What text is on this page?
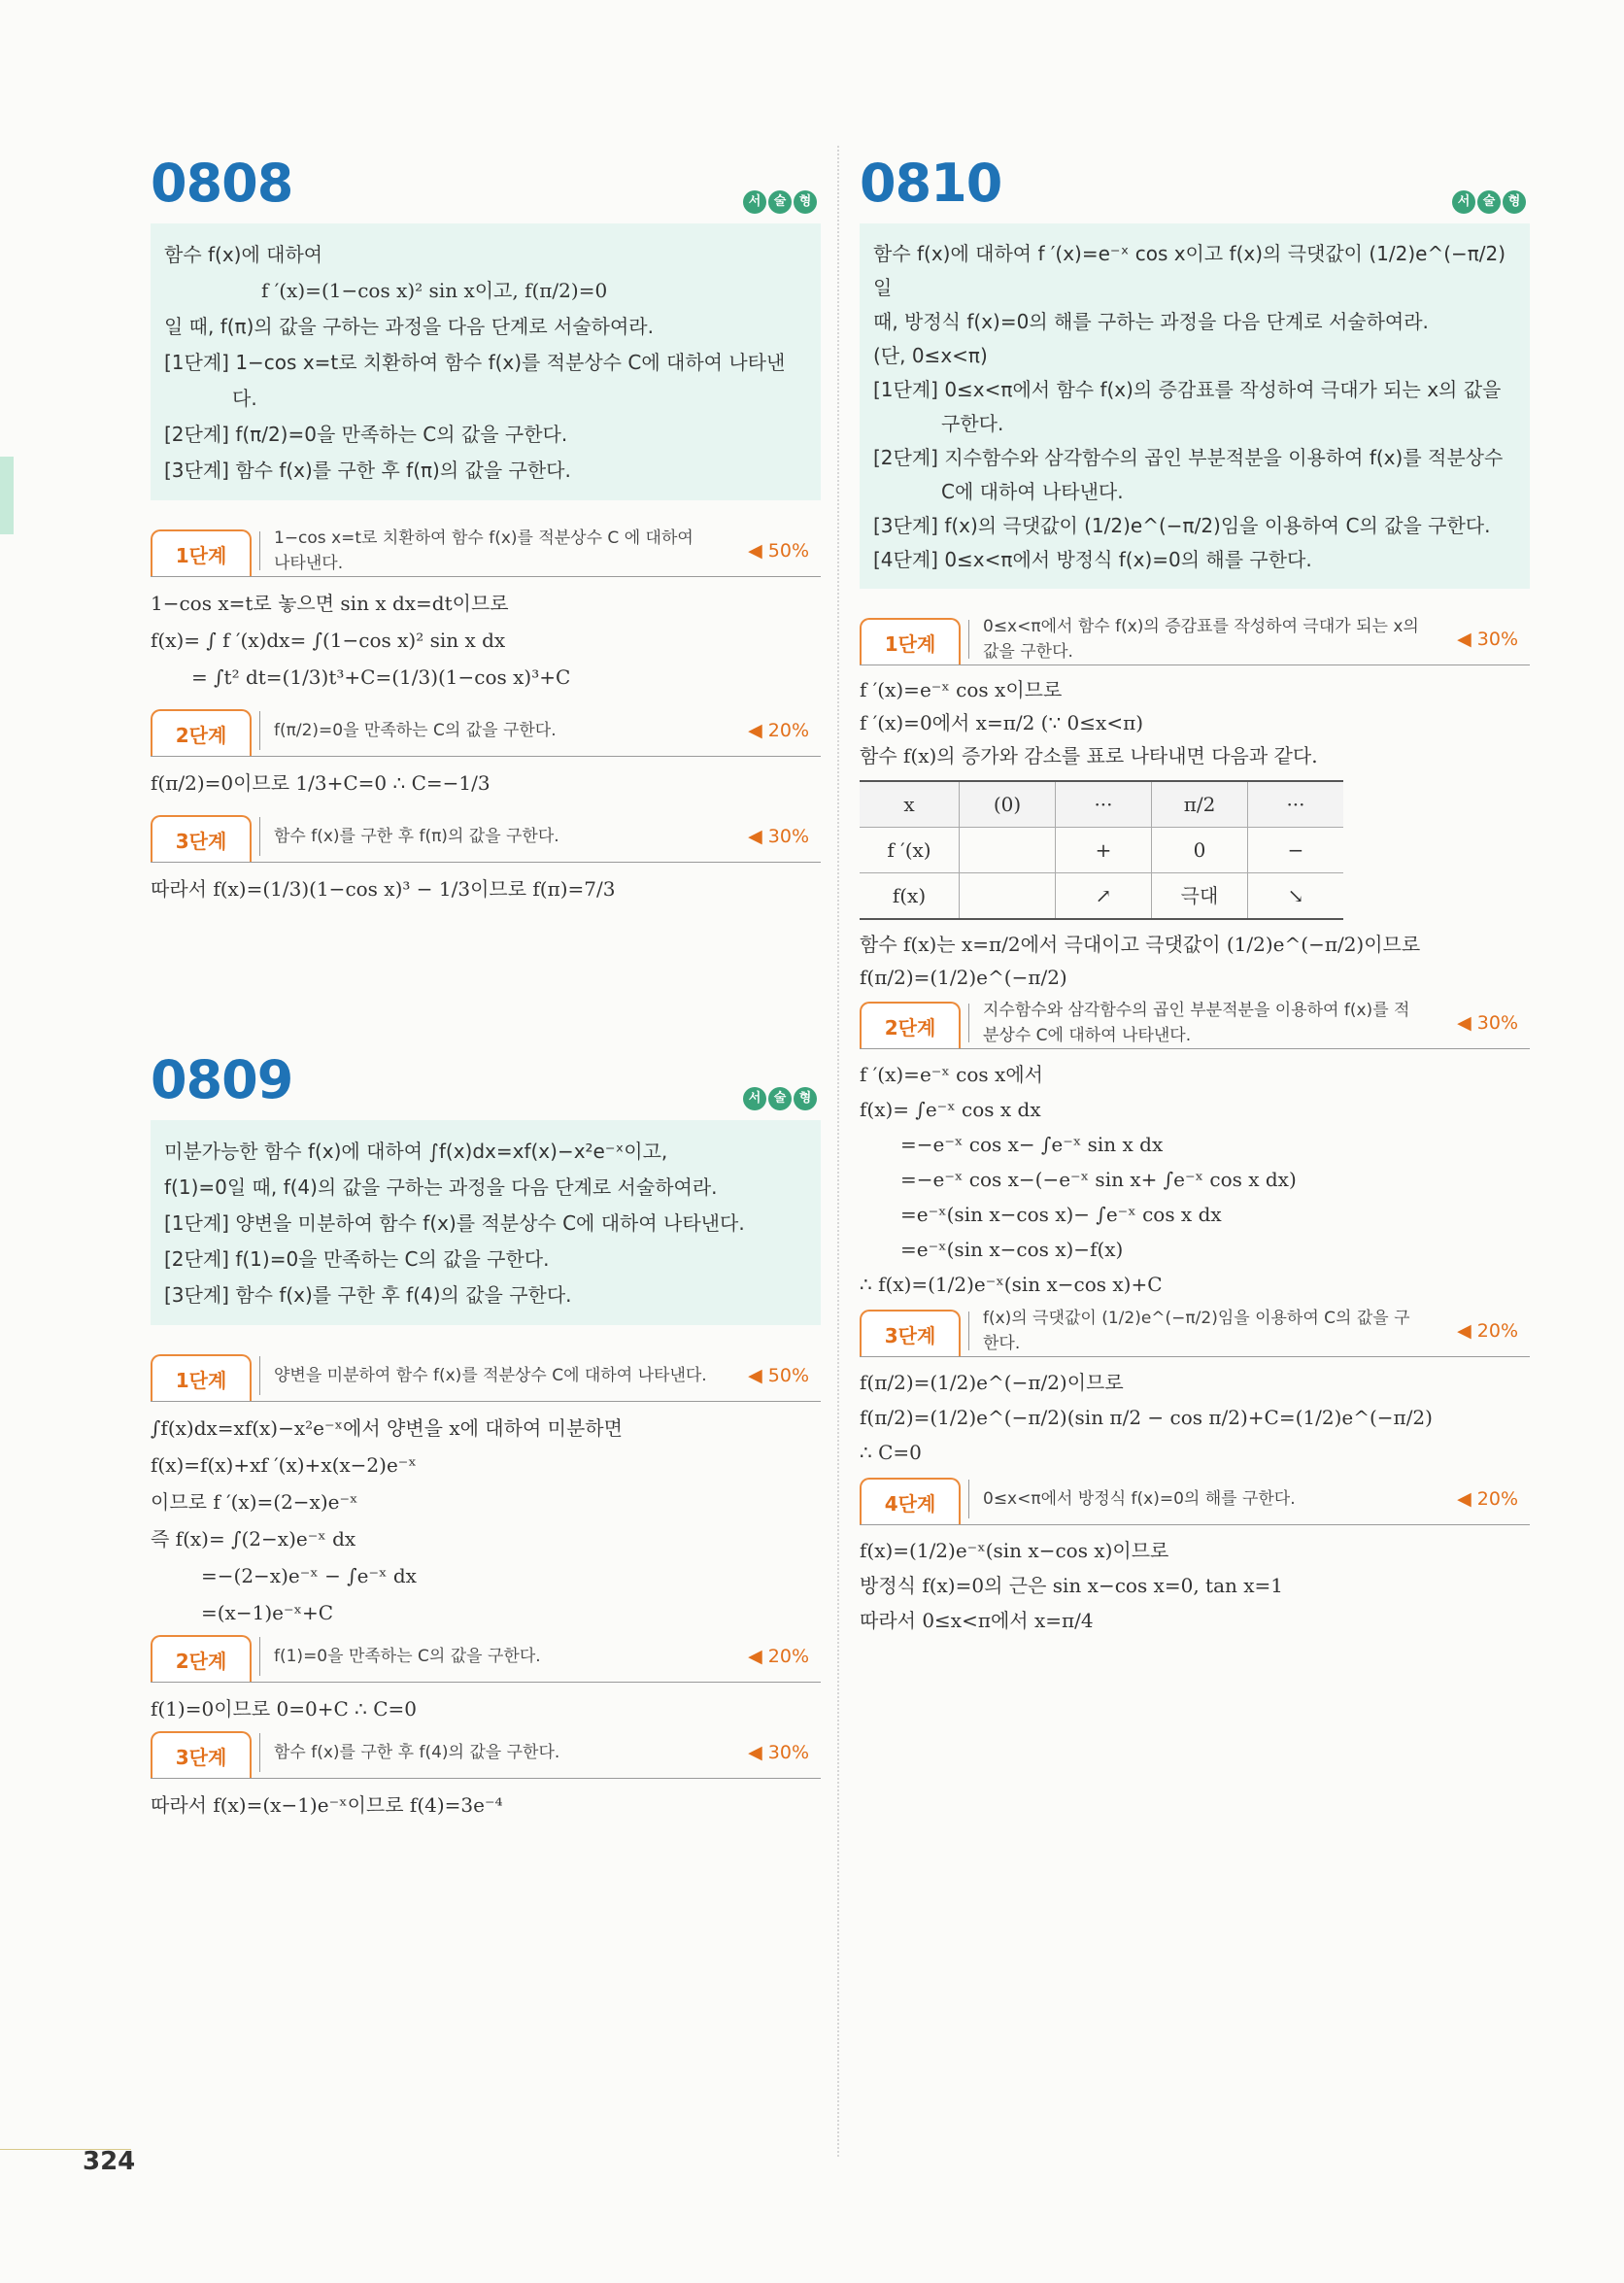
0808	서	술	형

함수 f(x)에 대하여

f ′(x)=(1−cos x)² sin x이고, f(π/2)=0

일 때, f(π)의 값을 구하는 과정을 다음 단계로 서술하여라.

[1단계] 1−cos x=t로 치환하여 함수 f(x)를 적분상수 C에 대하여 나타낸다.

[2단계] f(π/2)=0을 만족하는 C의 값을 구한다.

[3단계] 함수 f(x)를 구한 후 f(π)의 값을 구한다.

1단계
1−cos x=t로 치환하여 함수 f(x)를 적분상수 C 에 대하여 나타낸다.
◀ 50%

1−cos x=t로 놓으면 sin x dx=dt이므로

f(x)= ∫ f ′(x)dx= ∫(1−cos x)² sin x dx

= ∫t² dt=(1/3)t³+C=(1/3)(1−cos x)³+C

2단계	f(π/2)=0을 만족하는 C의 값을 구한다.	◀ 20%

f(π/2)=0이므로 1/3+C=0 ∴ C=−1/3

3단계	함수 f(x)를 구한 후 f(π)의 값을 구한다.	◀ 30%

따라서 f(x)=(1/3)(1−cos x)³ − 1/3이므로 f(π)=7/3

0809	서	술	형

미분가능한 함수 f(x)에 대하여 ∫f(x)dx=xf(x)−x²e⁻ˣ이고,

f(1)=0일 때, f(4)의 값을 구하는 과정을 다음 단계로 서술하여라.

[1단계] 양변을 미분하여 함수 f(x)를 적분상수 C에 대하여 나타낸다.

[2단계] f(1)=0을 만족하는 C의 값을 구한다.

[3단계] 함수 f(x)를 구한 후 f(4)의 값을 구한다.

1단계	양변을 미분하여 함수 f(x)를 적분상수 C에 대하여 나타낸다.	◀ 50%

∫f(x)dx=xf(x)−x²e⁻ˣ에서 양변을 x에 대하여 미분하면

f(x)=f(x)+xf ′(x)+x(x−2)e⁻ˣ

이므로 f ′(x)=(2−x)e⁻ˣ

즉 f(x)= ∫(2−x)e⁻ˣ dx

=−(2−x)e⁻ˣ − ∫e⁻ˣ dx

=(x−1)e⁻ˣ+C

2단계	f(1)=0을 만족하는 C의 값을 구한다.	◀ 20%

f(1)=0이므로 0=0+C ∴ C=0

3단계	함수 f(x)를 구한 후 f(4)의 값을 구한다.	◀ 30%

따라서 f(x)=(x−1)e⁻ˣ이므로 f(4)=3e⁻⁴

0810	서	술	형

함수 f(x)에 대하여 f ′(x)=e⁻ˣ cos x이고 f(x)의 극댓값이 (1/2)e^(−π/2)일

때, 방정식 f(x)=0의 해를 구하는 과정을 다음 단계로 서술하여라.

(단, 0≤x<π)

[1단계] 0≤x<π에서 함수 f(x)의 증감표를 작성하여 극대가 되는 x의 값을 구한다.

[2단계] 지수함수와 삼각함수의 곱인 부분적분을 이용하여 f(x)를 적분상수 C에 대하여 나타낸다.

[3단계] f(x)의 극댓값이 (1/2)e^(−π/2)임을 이용하여 C의 값을 구한다.

[4단계] 0≤x<π에서 방정식 f(x)=0의 해를 구한다.

1단계
0≤x<π에서 함수 f(x)의 증감표를 작성하여 극대가 되는 x의 값을 구한다.
◀ 30%

f ′(x)=e⁻ˣ cos x이므로

f ′(x)=0에서 x=π/2 (∵ 0≤x<π)

함수 f(x)의 증가와 감소를 표로 나타내면 다음과 같다.

x	(0)	···	π/2	···
f ′(x)		+	0	−
f(x)		↗	극대	↘

함수 f(x)는 x=π/2에서 극대이고 극댓값이 (1/2)e^(−π/2)이므로

f(π/2)=(1/2)e^(−π/2)

2단계
지수함수와 삼각함수의 곱인 부분적분을 이용하여 f(x)를 적분상수 C에 대하여 나타낸다.
◀ 30%

f ′(x)=e⁻ˣ cos x에서

f(x)= ∫e⁻ˣ cos x dx

=−e⁻ˣ cos x− ∫e⁻ˣ sin x dx

=−e⁻ˣ cos x−(−e⁻ˣ sin x+ ∫e⁻ˣ cos x dx)

=e⁻ˣ(sin x−cos x)− ∫e⁻ˣ cos x dx

=e⁻ˣ(sin x−cos x)−f(x)

∴ f(x)=(1/2)e⁻ˣ(sin x−cos x)+C

3단계
f(x)의 극댓값이 (1/2)e^(−π/2)임을 이용하여 C의 값을 구한다.
◀ 20%

f(π/2)=(1/2)e^(−π/2)이므로

f(π/2)=(1/2)e^(−π/2)(sin π/2 − cos π/2)+C=(1/2)e^(−π/2)

∴ C=0

4단계	0≤x<π에서 방정식 f(x)=0의 해를 구한다.	◀ 20%

f(x)=(1/2)e⁻ˣ(sin x−cos x)이므로

방정식 f(x)=0의 근은 sin x−cos x=0, tan x=1

따라서 0≤x<π에서 x=π/4

324
